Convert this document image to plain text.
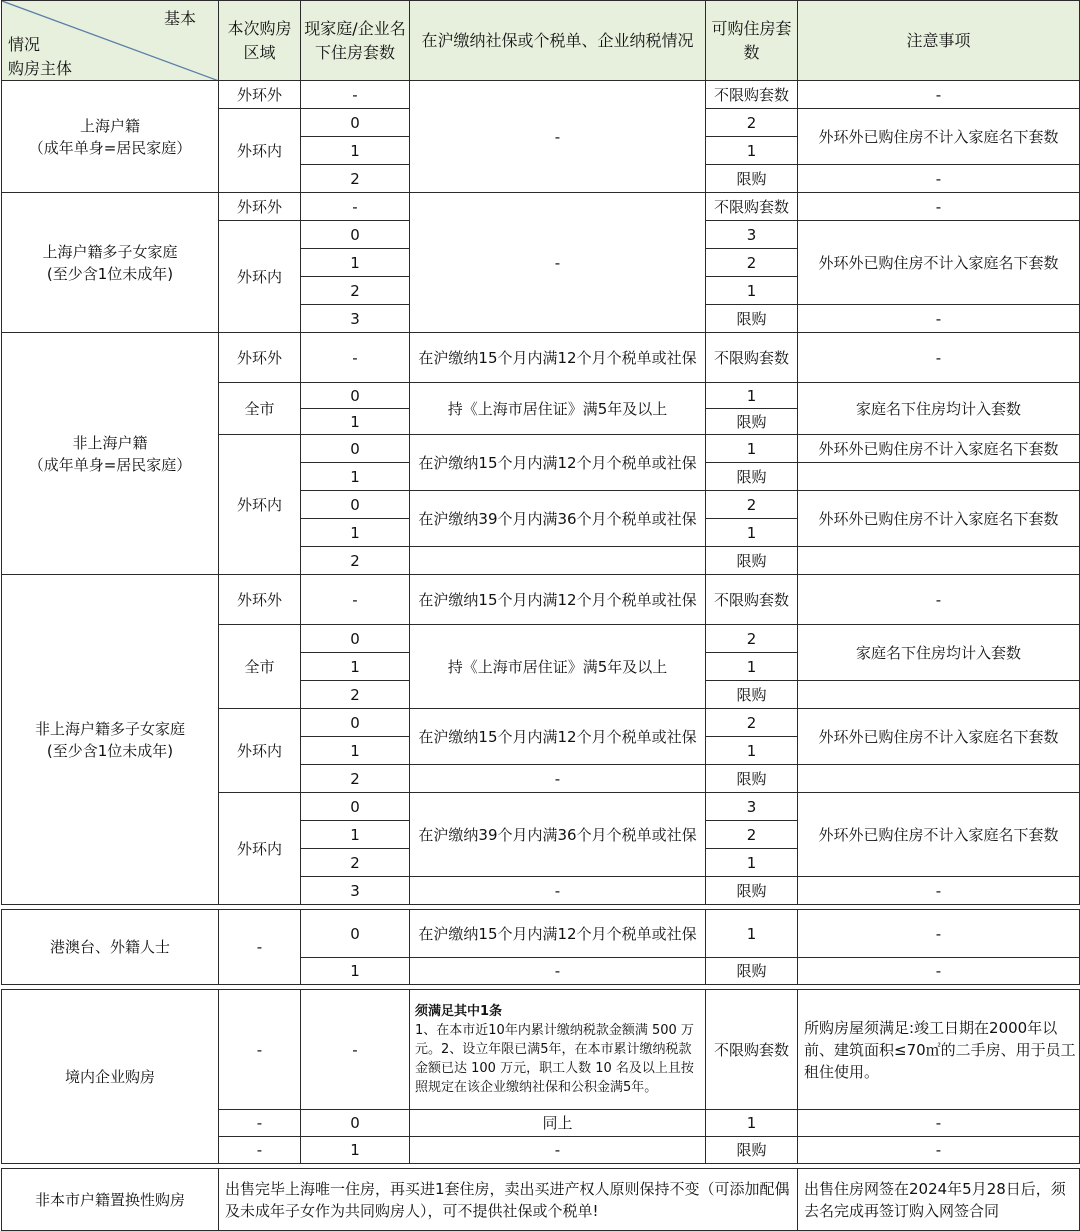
基本
情况
购房主体	本次购房区域	现家庭/企业名下住房套数	在沪缴纳社保或个税单、企业纳税情况	可购住房套数	注意事项

上海户籍
（成年单身=居民家庭）	外环外	-	-	不限购套数	-
	外环内	0		2	外环外已购住房不计入家庭名下套数
		1		1	
		2		限购	-

上海户籍多子女家庭
(至少含1位未成年)	外环外	-	-	不限购套数	-
	外环内	0		3	外环外已购住房不计入家庭名下套数
		1		2	
		2		1	
		3		限购	-

非上海户籍
（成年单身=居民家庭）	外环外	-	在沪缴纳15个月内满12个月个税单或社保	不限购套数	-
	全市	0	持《上海市居住证》满5年及以上	1	家庭名下住房均计入套数
		1		限购	
	外环内	0	在沪缴纳15个月内满12个月个税单或社保	1	外环外已购住房不计入家庭名下套数
		1		限购	
		0	在沪缴纳39个月内满36个月个税单或社保	2	外环外已购住房不计入家庭名下套数
		1		1	
		2		限购	

非上海户籍多子女家庭
(至少含1位未成年)	外环外	-	在沪缴纳15个月内满12个月个税单或社保	不限购套数	-
	全市	0	持《上海市居住证》满5年及以上	2	家庭名下住房均计入套数
		1		1	
		2		限购	
	外环内	0	在沪缴纳15个月内满12个月个税单或社保	2	外环外已购住房不计入家庭名下套数
		1		1	
		2	-	限购	
	外环内	0	在沪缴纳39个月内满36个月个税单或社保	3	外环外已购住房不计入家庭名下套数
		1		2	
		2		1	
		3	-	限购	-

港澳台、外籍人士	-	0	在沪缴纳15个月内满12个月个税单或社保	1	-
		1	-	限购	-

境内企业购房	-	-	须满足其中1条
1、在本市近10年内累计缴纳税款金额满 500 万元。2、设立年限已满5年，在本市累计缴纳税款金额已达 100 万元，职工人数 10 名及以上且按照规定在该企业缴纳社保和公积金满5年。	不限购套数	所购房屋须满足:竣工日期在2000年以前、建筑面积≤70㎡的二手房、用于员工租住使用。
	-	0	同上	1	-
	-	1	-	限购	-

非本市户籍置换性购房	出售完毕上海唯一住房，再买进1套住房，卖出买进产权人原则保持不变（可添加配偶及未成年子女作为共同购房人），可不提供社保或个税单!				出售住房网签在2024年5月28日后，须去名完成再签订购入网签合同
